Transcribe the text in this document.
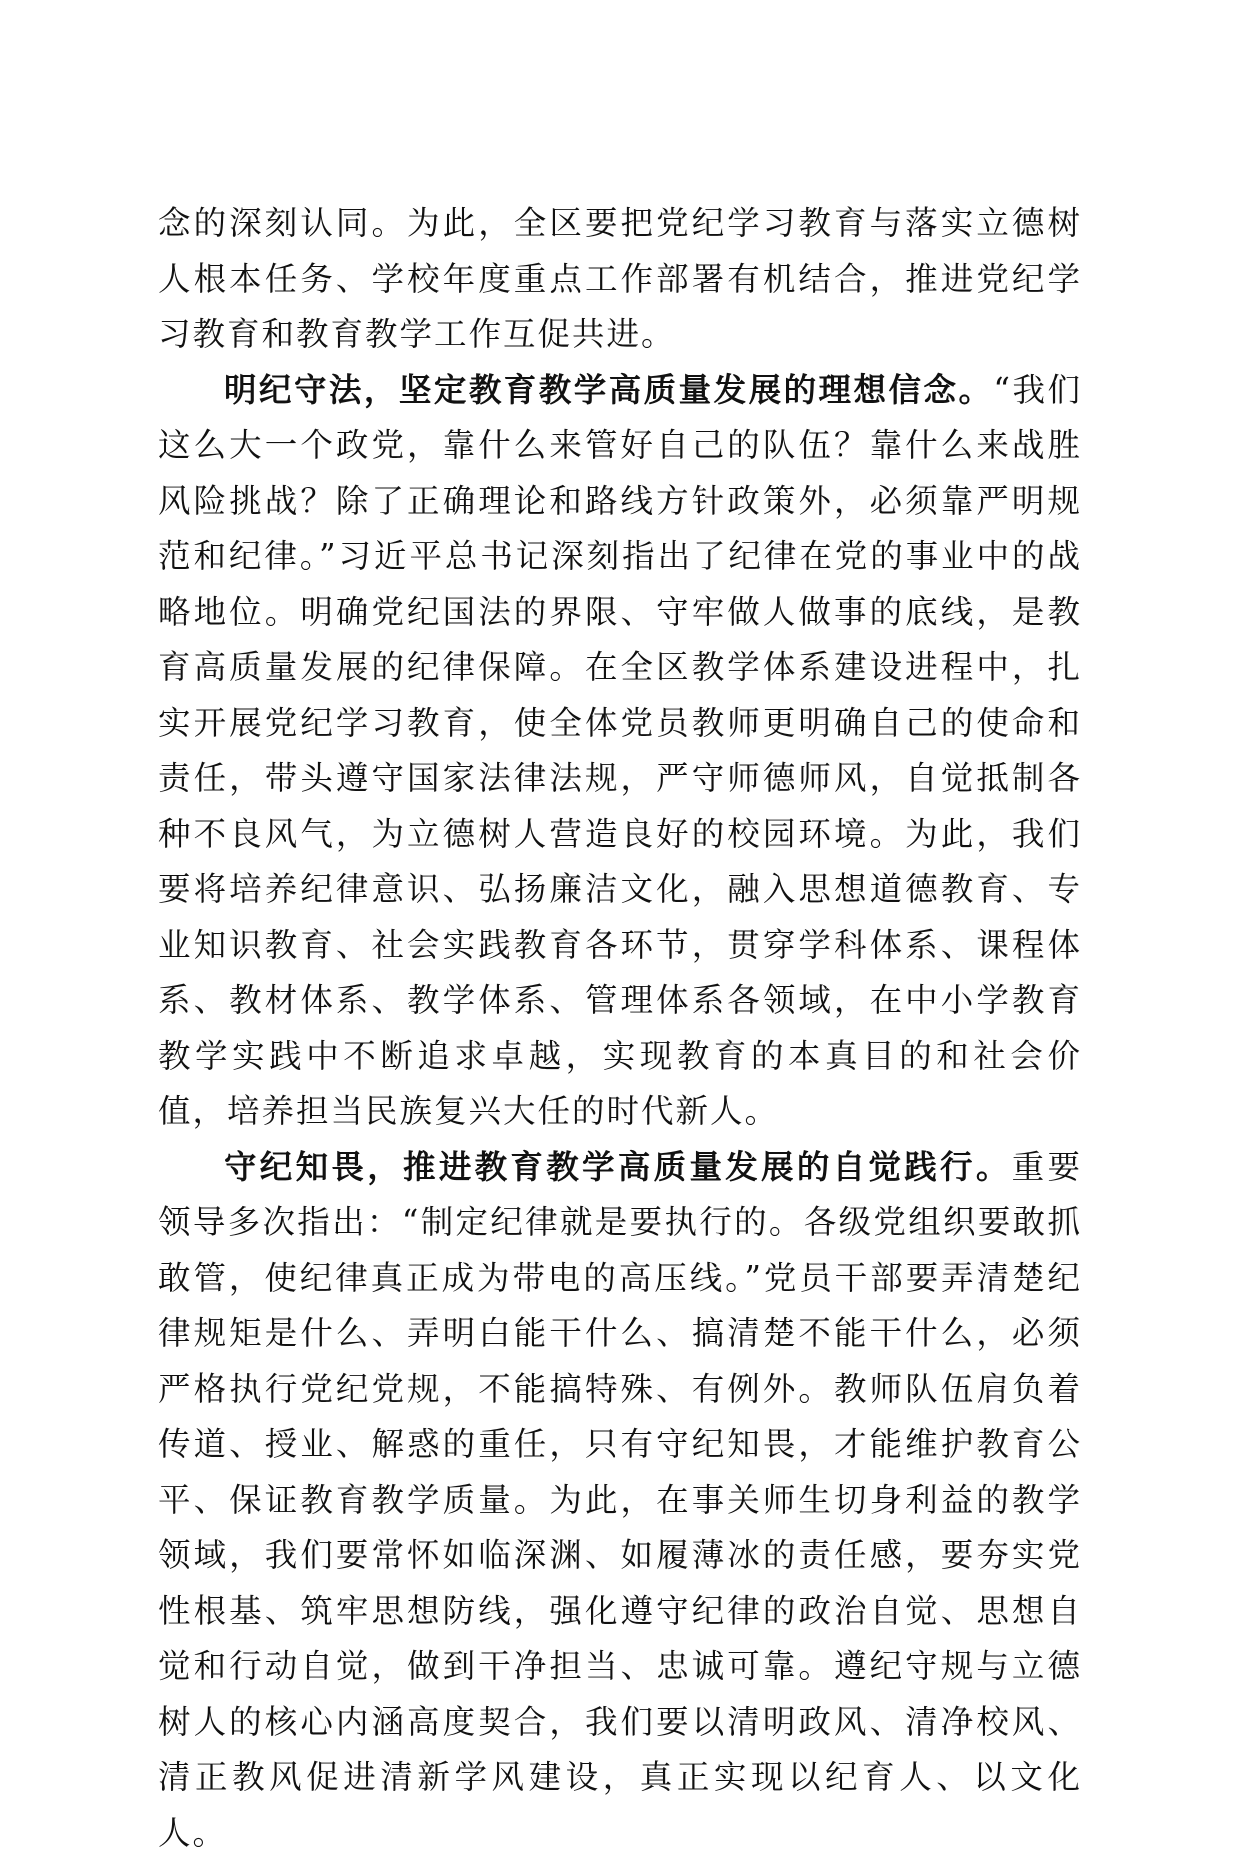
念的深刻认同。为此，全区要把党纪学习教育与落实立德树人根本任务、学校年度重点工作部署有机结合，推进党纪学习教育和教育教学工作互促共进。

明纪守法，坚定教育教学高质量发展的理想信念。“我们这么大一个政党，靠什么来管好自己的队伍？靠什么来战胜风险挑战？除了正确理论和路线方针政策外，必须靠严明规范和纪律。”习近平总书记深刻指出了纪律在党的事业中的战略地位。明确党纪国法的界限、守牢做人做事的底线，是教育高质量发展的纪律保障。在全区教学体系建设进程中，扎实开展党纪学习教育，使全体党员教师更明确自己的使命和责任，带头遵守国家法律法规，严守师德师风，自觉抵制各种不良风气，为立德树人营造良好的校园环境。为此，我们要将培养纪律意识、弘扬廉洁文化，融入思想道德教育、专业知识教育、社会实践教育各环节，贯穿学科体系、课程体系、教材体系、教学体系、管理体系各领域，在中小学教育教学实践中不断追求卓越，实现教育的本真目的和社会价值，培养担当民族复兴大任的时代新人。

守纪知畏，推进教育教学高质量发展的自觉践行。重要领导多次指出：“制定纪律就是要执行的。各级党组织要敢抓敢管，使纪律真正成为带电的高压线。”党员干部要弄清楚纪律规矩是什么、弄明白能干什么、搞清楚不能干什么，必须严格执行党纪党规，不能搞特殊、有例外。教师队伍肩负着传道、授业、解惑的重任，只有守纪知畏，才能维护教育公平、保证教育教学质量。为此，在事关师生切身利益的教学领域，我们要常怀如临深渊、如履薄冰的责任感，要夯实党性根基、筑牢思想防线，强化遵守纪律的政治自觉、思想自觉和行动自觉，做到干净担当、忠诚可靠。遵纪守规与立德树人的核心内涵高度契合，我们要以清明政风、清净校风、清正教风促进清新学风建设，真正实现以纪育人、以文化人。
